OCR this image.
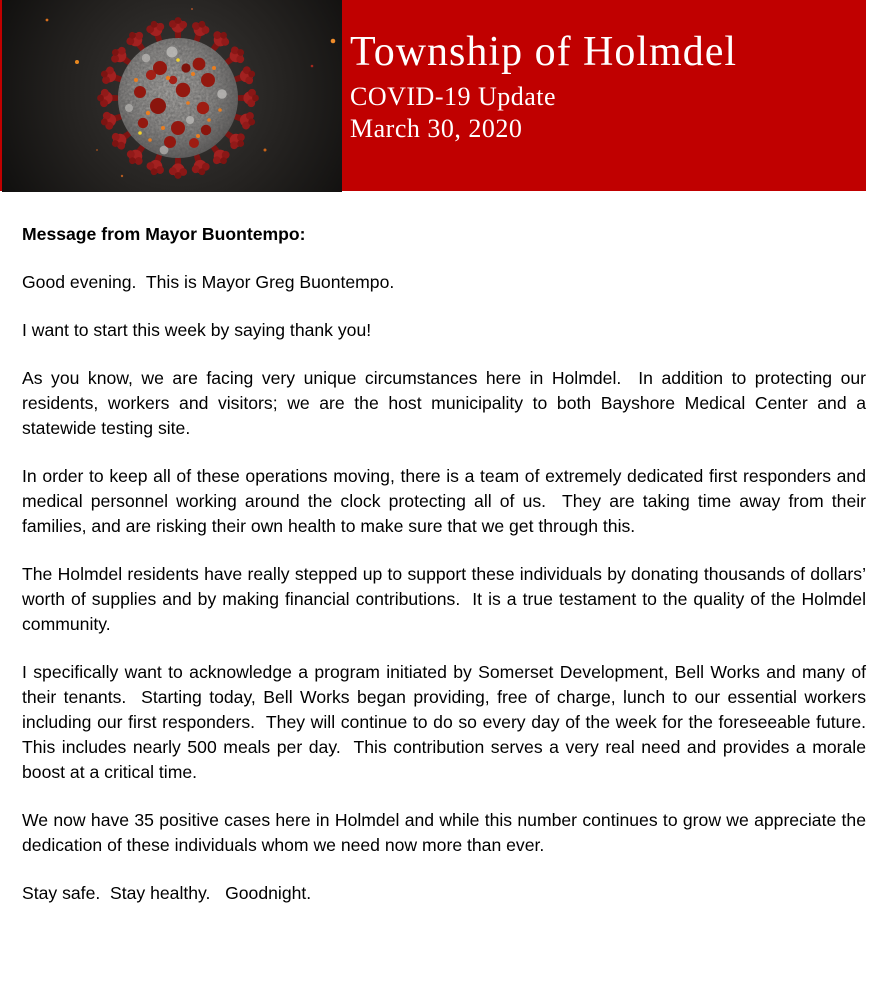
Township of Holmdel
COVID-19 Update
March 30, 2020

Message from Mayor Buontempo:

Good evening.  This is Mayor Greg Buontempo.

I want to start this week by saying thank you!

As you know, we are facing very unique circumstances here in Holmdel.  In addition to protecting our residents, workers and visitors; we are the host municipality to both Bayshore Medical Center and a statewide testing site.

In order to keep all of these operations moving, there is a team of extremely dedicated first responders and medical personnel working around the clock protecting all of us.  They are taking time away from their families, and are risking their own health to make sure that we get through this.

The Holmdel residents have really stepped up to support these individuals by donating thousands of dollars’ worth of supplies and by making financial contributions.  It is a true testament to the quality of the Holmdel community.

I specifically want to acknowledge a program initiated by Somerset Development, Bell Works and many of their tenants.  Starting today, Bell Works began providing, free of charge, lunch to our essential workers including our first responders.  They will continue to do so every day of the week for the foreseeable future.  This includes nearly 500 meals per day.  This contribution serves a very real need and provides a morale boost at a critical time.

We now have 35 positive cases here in Holmdel and while this number continues to grow we appreciate the dedication of these individuals whom we need now more than ever.

Stay safe.  Stay healthy.   Goodnight.
